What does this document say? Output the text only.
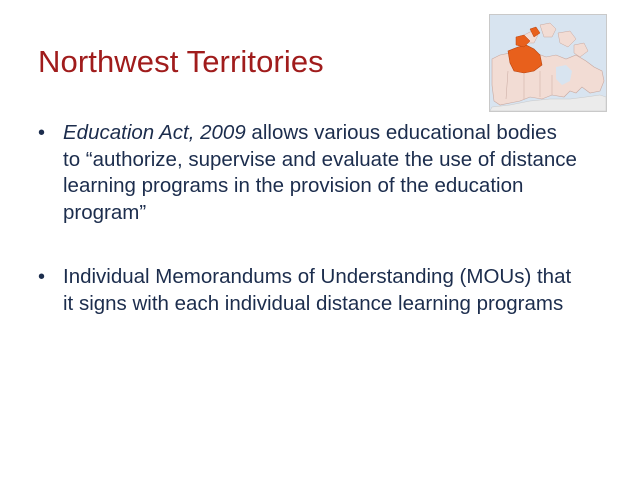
Northwest Territories
• Education Act, 2009 allows various educational bodies to “authorize, supervise and evaluate the use of distance learning programs in the provision of the education program”
• Individual Memorandums of Understanding (MOUs) that it signs with each individual distance learning programs
